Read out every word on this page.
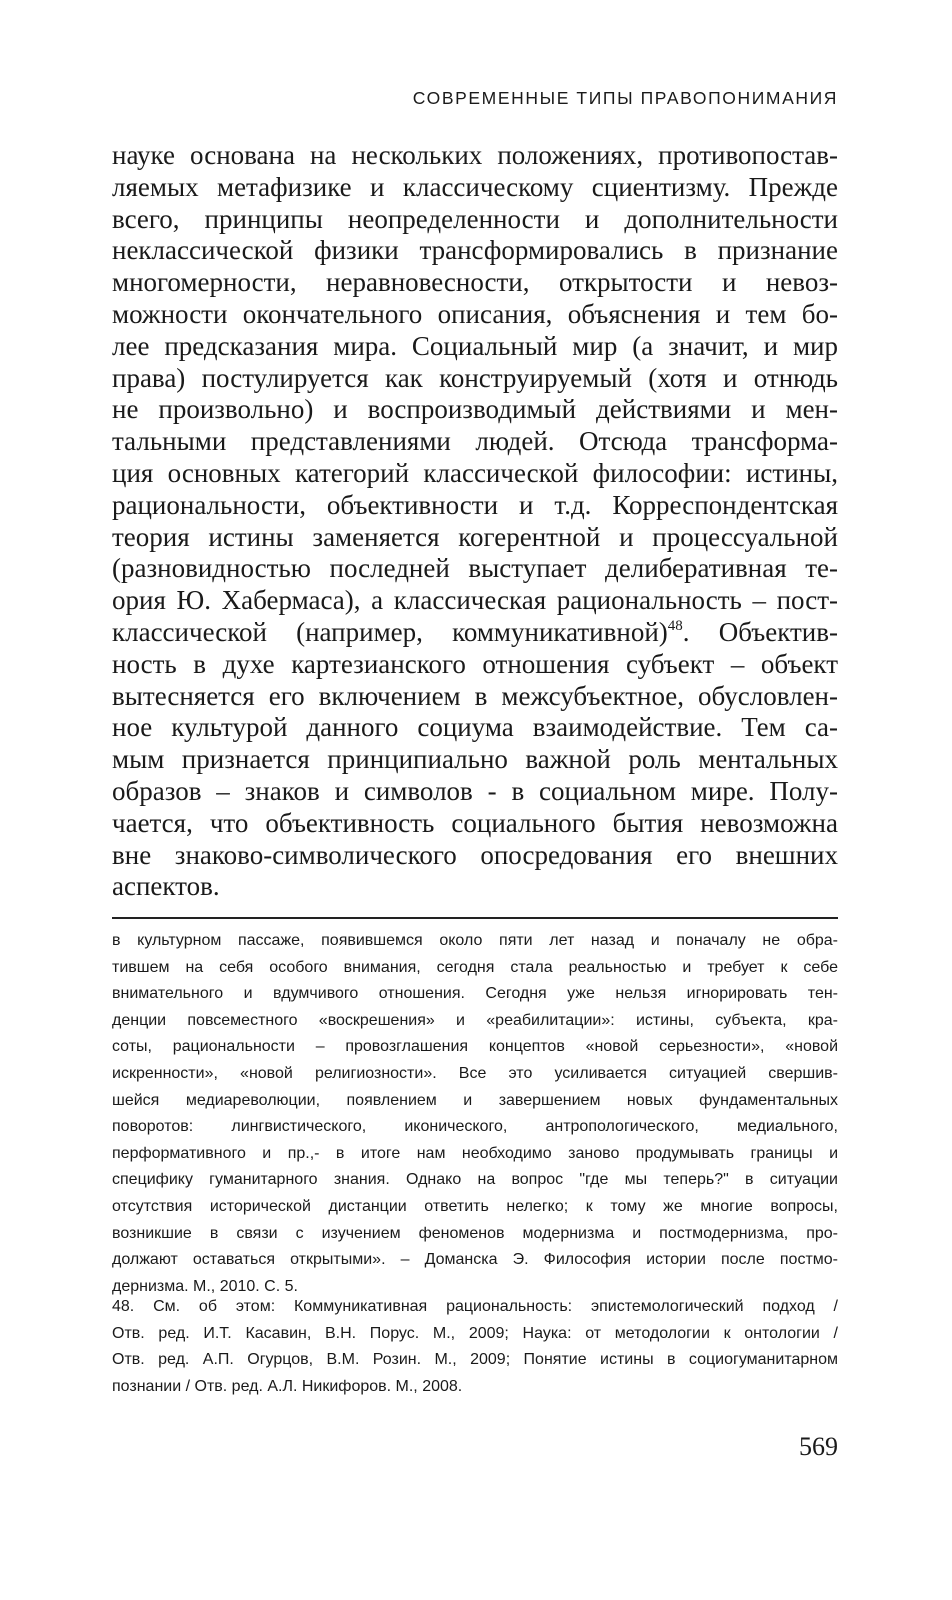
СОВРЕМЕННЫЕ ТИПЫ ПРАВОПОНИМАНИЯ
науке основана на нескольких положениях, противопостав-
ляемых метафизике и классическому сциентизму. Прежде
всего, принципы неопределенности и дополнительности
неклассической физики трансформировались в признание
многомерности, неравновесности, открытости и невоз-
можности окончательного описания, объяснения и тем бо-
лее предсказания мира. Социальный мир (а значит, и мир
права) постулируется как конструируемый (хотя и отнюдь
не произвольно) и воспроизводимый действиями и мен-
тальными представлениями людей. Отсюда трансформа-
ция основных категорий классической философии: истины,
рациональности, объективности и т.д. Корреспондентская
теория истины заменяется когерентной и процессуальной
(разновидностью последней выступает делиберативная те-
ория Ю. Хабермаса), а классическая рациональность – пост-
классической (например, коммуникативной)$^{48}$. Объектив-
ность в духе картезианского отношения субъект – объект
вытесняется его включением в межсубъектное, обусловлен-
ное культурой данного социума взаимодействие. Тем са-
мым признается принципиально важной роль ментальных
образов – знаков и символов - в социальном мире. Полу-
чается, что объективность социального бытия невозможна
вне знаково-символического опосредования его внешних
аспектов.
в культурном пассаже, появившемся около пяти лет назад и поначалу не обра-
тившем на себя особого внимания, сегодня стала реальностью и требует к себе
внимательного и вдумчивого отношения. Сегодня уже нельзя игнорировать тен-
денции повсеместного «воскрешения» и «реабилитации»: истины, субъекта, кра-
соты, рациональности – провозглашения концептов «новой серьезности», «новой
искренности», «новой религиозности». Все это усиливается ситуацией свершив-
шейся медиареволюции, появлением и завершением новых фундаментальных
поворотов: лингвистического, иконического, антропологического, медиального,
перформативного и пр.,- в итоге нам необходимо заново продумывать границы и
специфику гуманитарного знания. Однако на вопрос "где мы теперь?" в ситуации
отсутствия исторической дистанции ответить нелегко; к тому же многие вопросы,
возникшие в связи с изучением феноменов модернизма и постмодернизма, про-
должают оставаться открытыми». – Доманска Э. Философия истории после постмо-
дернизма. М., 2010. С. 5.
48. См. об этом: Коммуникативная рациональность: эпистемологический подход /
Отв. ред. И.Т. Касавин, В.Н. Порус. М., 2009; Наука: от методологии к онтологии /
Отв. ред. А.П. Огурцов, В.М. Розин. М., 2009; Понятие истины в социогуманитарном
познании / Отв. ред. А.Л. Никифоров. М., 2008.
569
